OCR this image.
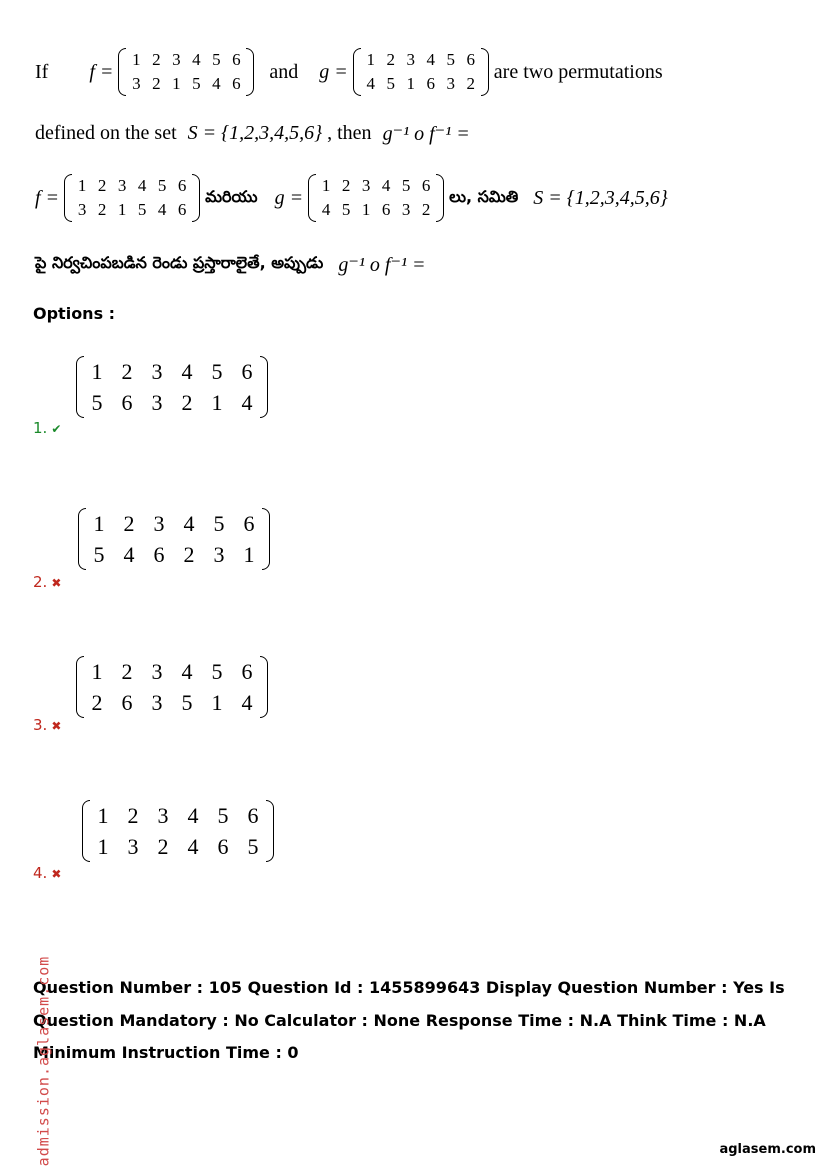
If f =
1 2 3 4 5 6
3 2 1 5 4 6
and g =
1 2 3 4 5 6
4 5 1 6 3 2
are two permutations
defined on the set S = {1,2,3,4,5,6} , then g⁻¹ o f⁻¹ =
f =
1 2 3 4 5 6
3 2 1 5 4 6
మరియు g =
1 2 3 4 5 6
4 5 1 6 3 2
లు, సమితి S = {1,2,3,4,5,6}
పై నిర్వచింపబడిన రెండు ప్రస్తారాలైతే, అప్పుడు g⁻¹ o f⁻¹ =
Options :
1 2 3 4 5 6
5 6 3 2 1 4
1. ✔
1 2 3 4 5 6
5 4 6 2 3 1
2. ✖
1 2 3 4 5 6
2 6 3 5 1 4
3. ✖
1 2 3 4 5 6
1 3 2 4 6 5
4. ✖
Question Number : 105 Question Id : 1455899643 Display Question Number : Yes Is Question Mandatory : No Calculator : None Response Time : N.A Think Time : N.A Minimum Instruction Time : 0
admission.aglasem.com	aglasem.com
